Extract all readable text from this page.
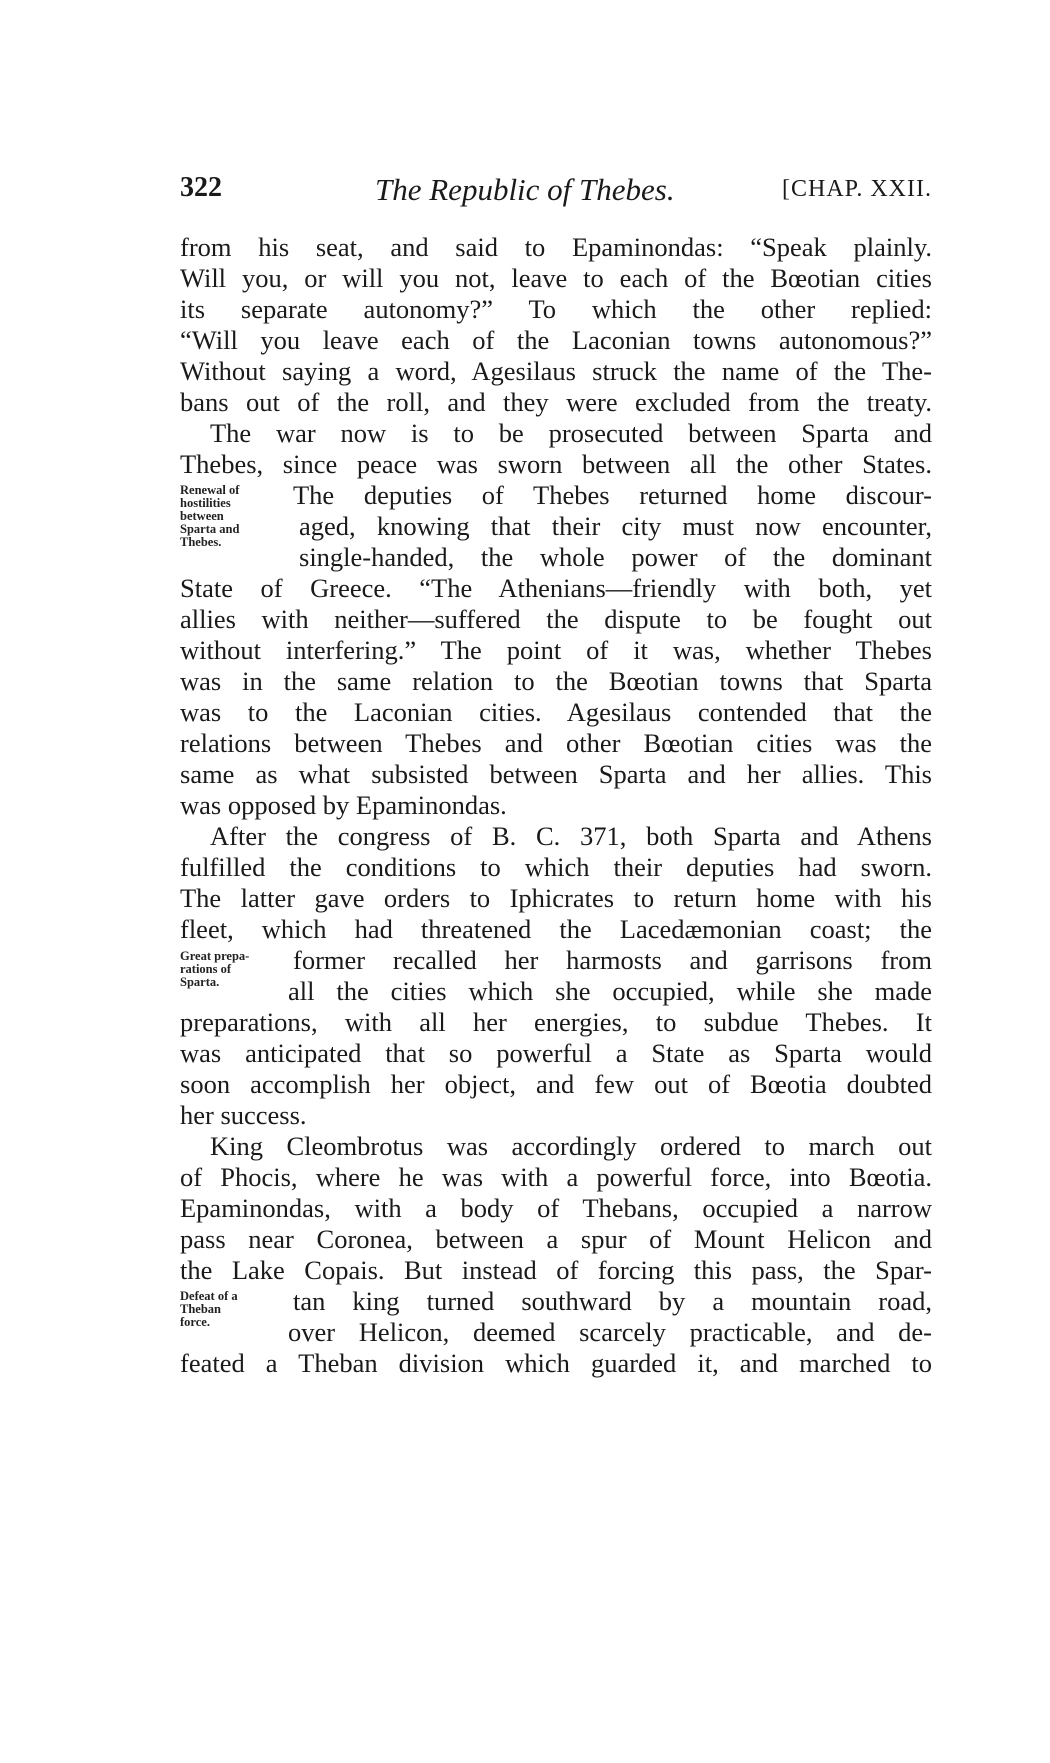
322	The Republic of Thebes.	[CHAP. XXII.
from his seat, and said to Epaminondas: “Speak plainly.
Will you, or will you not, leave to each of the Bœotian cities
its separate autonomy?” To which the other replied:
“Will you leave each of the Laconian towns autonomous?”
Without saying a word, Agesilaus struck the name of the The-
bans out of the roll, and they were excluded from the treaty.
The war now is to be prosecuted between Sparta and
Thebes, since peace was sworn between all the other States.
The deputies of Thebes returned home discour-
aged, knowing that their city must now encounter,
single-handed, the whole power of the dominant
State of Greece. “The Athenians—friendly with both, yet
allies with neither—suffered the dispute to be fought out
without interfering.” The point of it was, whether Thebes
was in the same relation to the Bœotian towns that Sparta
was to the Laconian cities. Agesilaus contended that the
relations between Thebes and other Bœotian cities was the
same as what subsisted between Sparta and her allies. This
was opposed by Epaminondas.
After the congress of B. C. 371, both Sparta and Athens
fulfilled the conditions to which their deputies had sworn.
The latter gave orders to Iphicrates to return home with his
fleet, which had threatened the Lacedæmonian coast; the
former recalled her harmosts and garrisons from
all the cities which she occupied, while she made
preparations, with all her energies, to subdue Thebes. It
was anticipated that so powerful a State as Sparta would
soon accomplish her object, and few out of Bœotia doubted
her success.
King Cleombrotus was accordingly ordered to march out
of Phocis, where he was with a powerful force, into Bœotia.
Epaminondas, with a body of Thebans, occupied a narrow
pass near Coronea, between a spur of Mount Helicon and
the Lake Copais. But instead of forcing this pass, the Spar-
tan king turned southward by a mountain road,
over Helicon, deemed scarcely practicable, and de-
feated a Theban division which guarded it, and marched to
Renewal of
hostilities
between
Sparta and
Thebes.
Great prepa-
rations of
Sparta.
Defeat of a
Theban
force.
